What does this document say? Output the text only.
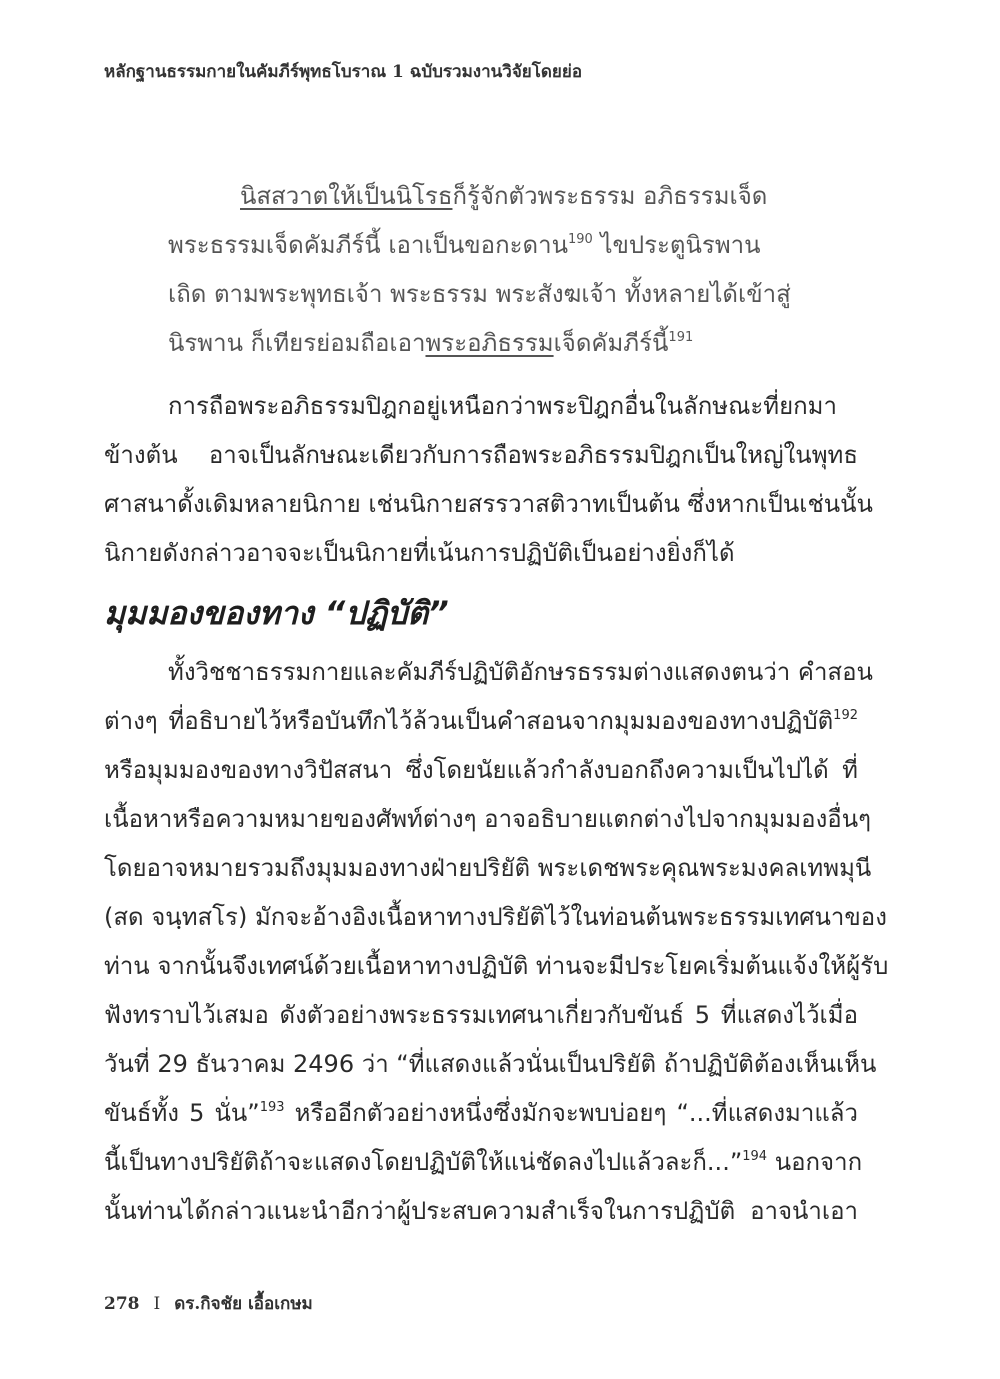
หลักฐานธรรมกายในคัมภีร์พุทธโบราณ 1 ฉบับรวมงานวิจัยโดยย่อ
นิสสวาตให้เป็นนิโรธก็รู้จักตัวพระธรรม อภิธรรมเจ็ด
พระธรรมเจ็ดคัมภีร์นี้ เอาเป็นขอกะดาน$^{190}$ ไขประตูนิรพาน
เถิด ตามพระพุทธเจ้า พระธรรม พระสังฆเจ้า ทั้งหลายได้เข้าสู่
นิรพาน ก็เทียรย่อมถือเอาพระอภิธรรมเจ็ดคัมภีร์นี้$^{191}$
การถือพระอภิธรรมปิฎกอยู่เหนือกว่าพระปิฎกอื่นในลักษณะที่ยกมา
ข้างต้น อาจเป็นลักษณะเดียวกับการถือพระอภิธรรมปิฎกเป็นใหญ่ในพุทธ
ศาสนาดั้งเดิมหลายนิกาย เช่นนิกายสรรวาสติวาทเป็นต้น ซึ่งหากเป็นเช่นนั้น
นิกายดังกล่าวอาจจะเป็นนิกายที่เน้นการปฏิบัติเป็นอย่างยิ่งก็ได้
มุมมองของทาง “ปฏิบัติ”
ทั้งวิชชาธรรมกายและคัมภีร์ปฏิบัติอักษรธรรมต่างแสดงตนว่า คำสอน
ต่างๆ ที่อธิบายไว้หรือบันทึกไว้ล้วนเป็นคำสอนจากมุมมองของทางปฏิบัติ$^{192}$
หรือมุมมองของทางวิปัสสนา ซึ่งโดยนัยแล้วกำลังบอกถึงความเป็นไปได้ ที่
เนื้อหาหรือความหมายของศัพท์ต่างๆ อาจอธิบายแตกต่างไปจากมุมมองอื่นๆ
โดยอาจหมายรวมถึงมุมมองทางฝ่ายปริยัติ พระเดชพระคุณพระมงคลเทพมุนี
(สด จนฺทสโร) มักจะอ้างอิงเนื้อหาทางปริยัติไว้ในท่อนต้นพระธรรมเทศนาของ
ท่าน จากนั้นจึงเทศน์ด้วยเนื้อหาทางปฏิบัติ ท่านจะมีประโยคเริ่มต้นแจ้งให้ผู้รับ
ฟังทราบไว้เสมอ ดังตัวอย่างพระธรรมเทศนาเกี่ยวกับขันธ์ 5 ที่แสดงไว้เมื่อ
วันที่ 29 ธันวาคม 2496 ว่า “ที่แสดงแล้วนั่นเป็นปริยัติ ถ้าปฏิบัติต้องเห็นเห็น
ขันธ์ทั้ง 5 นั่น”$^{193}$ หรืออีกตัวอย่างหนึ่งซึ่งมักจะพบบ่อยๆ “...ที่แสดงมาแล้ว
นี้เป็นทางปริยัติถ้าจะแสดงโดยปฏิบัติให้แน่ชัดลงไปแล้วละก็...”$^{194}$ นอกจาก
นั้นท่านได้กล่าวแนะนำอีกว่าผู้ประสบความสำเร็จในการปฏิบัติ อาจนำเอา
278 I ดร.กิจชัย เอื้อเกษม
